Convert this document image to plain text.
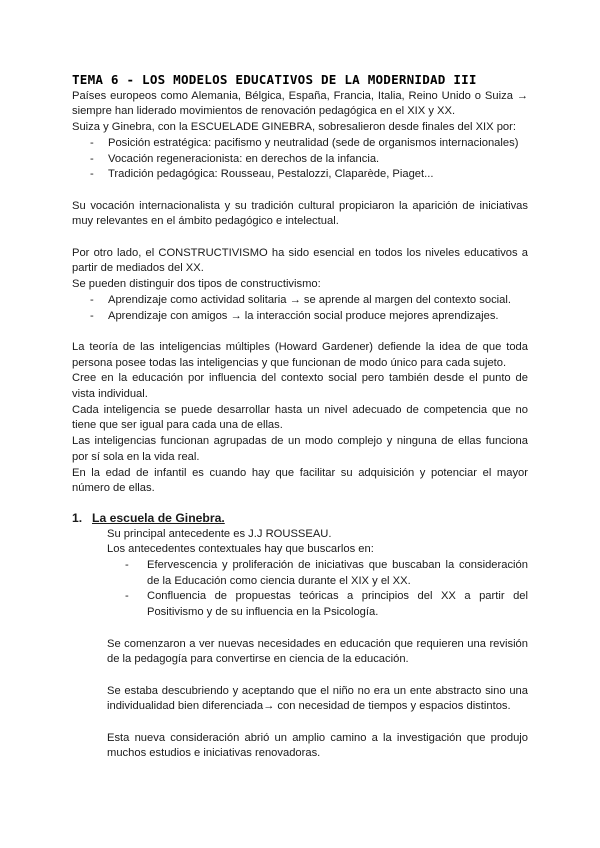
TEMA 6 - LOS MODELOS EDUCATIVOS DE LA MODERNIDAD III

Países europeos como Alemania, Bélgica, España, Francia, Italia, Reino Unido o Suiza → siempre han liderado movimientos de renovación pedagógica en el XIX y XX.

Suiza y Ginebra, con la ESCUELADE GINEBRA, sobresalieron desde finales del XIX por:

- Posición estratégica: pacifismo y neutralidad (sede de organismos internacionales)
- Vocación regeneracionista: en derechos de la infancia.
- Tradición pedagógica: Rousseau, Pestalozzi, Claparède, Piaget...

Su vocación internacionalista y su tradición cultural propiciaron la aparición de iniciativas muy relevantes en el ámbito pedagógico e intelectual.

Por otro lado, el CONSTRUCTIVISMO ha sido esencial en todos los niveles educativos a partir de mediados del XX.

Se pueden distinguir dos tipos de constructivismo:

- Aprendizaje como actividad solitaria → se aprende al margen del contexto social.
- Aprendizaje con amigos → la interacción social produce mejores aprendizajes.

La teoría de las inteligencias múltiples (Howard Gardener) defiende la idea de que toda persona posee todas las inteligencias y que funcionan de modo único para cada sujeto.

Cree en la educación por influencia del contexto social pero también desde el punto de vista individual.

Cada inteligencia se puede desarrollar hasta un nivel adecuado de competencia que no tiene que ser igual para cada una de ellas.

Las inteligencias funcionan agrupadas de un modo complejo y ninguna de ellas funciona por sí sola en la vida real.

En la edad de infantil es cuando hay que facilitar su adquisición y potenciar el mayor número de ellas.

1. La escuela de Ginebra.

Su principal antecedente es J.J ROUSSEAU.

Los antecedentes contextuales hay que buscarlos en:

- Efervescencia y proliferación de iniciativas que buscaban la consideración de la Educación como ciencia durante el XIX y el XX.
- Confluencia de propuestas teóricas a principios del XX a partir del Positivismo y de su influencia en la Psicología.

Se comenzaron a ver nuevas necesidades en educación que requieren una revisión de la pedagogía para convertirse en ciencia de la educación.

Se estaba descubriendo y aceptando que el niño no era un ente abstracto sino una individualidad bien diferenciada→ con necesidad de tiempos y espacios distintos.

Esta nueva consideración abrió un amplio camino a la investigación que produjo muchos estudios e iniciativas renovadoras.
